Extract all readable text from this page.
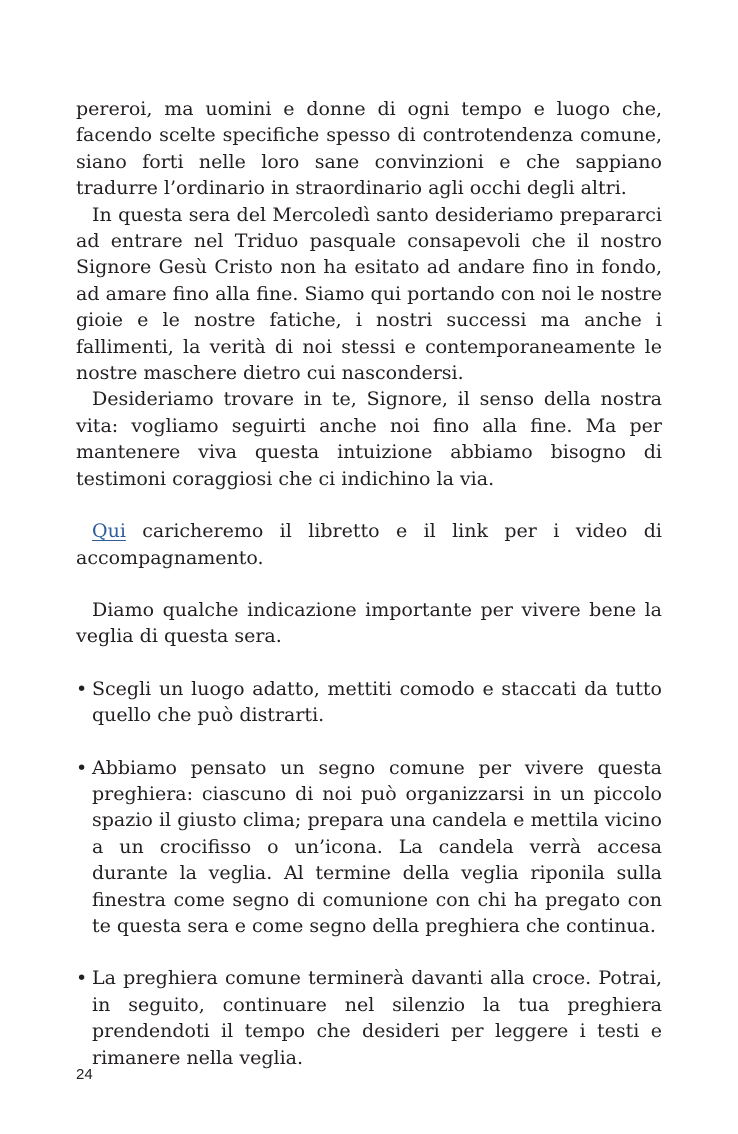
pereroi, ma uomini e donne di ogni tempo e luogo che, facendo scelte specifiche spesso di controtendenza comune, siano forti nelle loro sane convinzioni e che sappiano tradurre l’ordinario in straordinario agli occhi degli altri.

In questa sera del Mercoledì santo desideriamo prepararci ad entrare nel Triduo pasquale consapevoli che il nostro Signore Gesù Cristo non ha esitato ad andare fino in fondo, ad amare fino alla fine. Siamo qui portando con noi le nostre gioie e le nostre fatiche, i nostri successi ma anche i fallimenti, la verità di noi stessi e contemporaneamente le nostre maschere dietro cui nascondersi.

Desideriamo trovare in te, Signore, il senso della nostra vita: vogliamo seguirti anche noi fino alla fine. Ma per mantenere viva questa intuizione abbiamo bisogno di testimoni coraggiosi che ci indichino la via.

Qui caricheremo il libretto e il link per i video di accompagnamento.

Diamo qualche indicazione importante per vivere bene la veglia di questa sera.

• Scegli un luogo adatto, mettiti comodo e staccati da tutto quello che può distrarti.

• Abbiamo pensato un segno comune per vivere questa preghiera: ciascuno di noi può organizzarsi in un piccolo spazio il giusto clima; prepara una candela e mettila vicino a un crocifisso o un’icona. La candela verrà accesa durante la veglia. Al termine della veglia riponila sulla finestra come segno di comunione con chi ha pregato con te questa sera e come segno della preghiera che continua.

• La preghiera comune terminerà davanti alla croce. Potrai, in seguito, continuare nel silenzio la tua preghiera prendendoti il tempo che desideri per leggere i testi e rimanere nella veglia.

24
